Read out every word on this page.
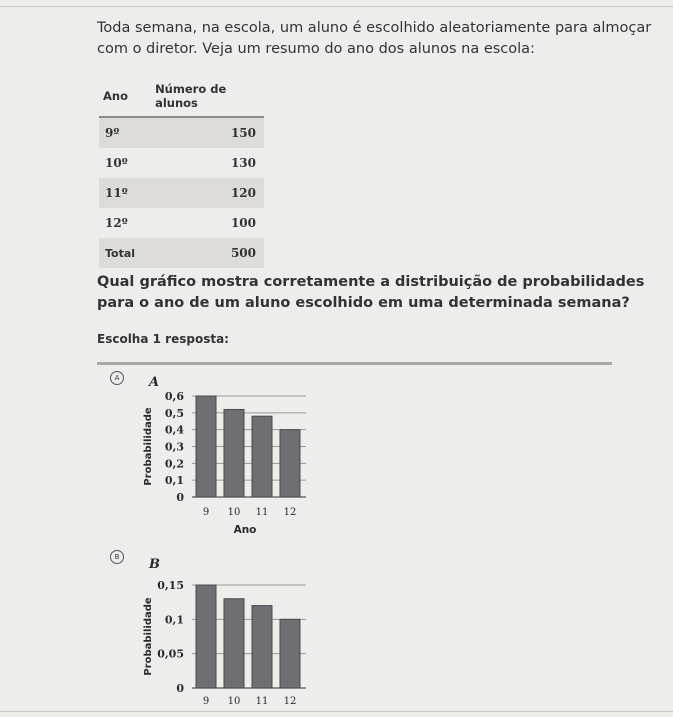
Toda semana, na escola, um aluno é escolhido aleatoriamente para almoçar com o diretor. Veja um resumo do ano dos alunos na escola:
Ano	Número de alunos
9º	150
10º	130
11º	120
12º	100
Total	500
Qual gráfico mostra corretamente a distribuição de probabilidades para o ano de um aluno escolhido em uma determinada semana?
Escolha 1 resposta:
A
B
A
0
0,1
0,2
0,3
0,4
0,5
0,6
9 10 11 12
Probabilidade
Ano
B
0
0,05
0,1
0,15
9 10 11 12
Probabilidade
